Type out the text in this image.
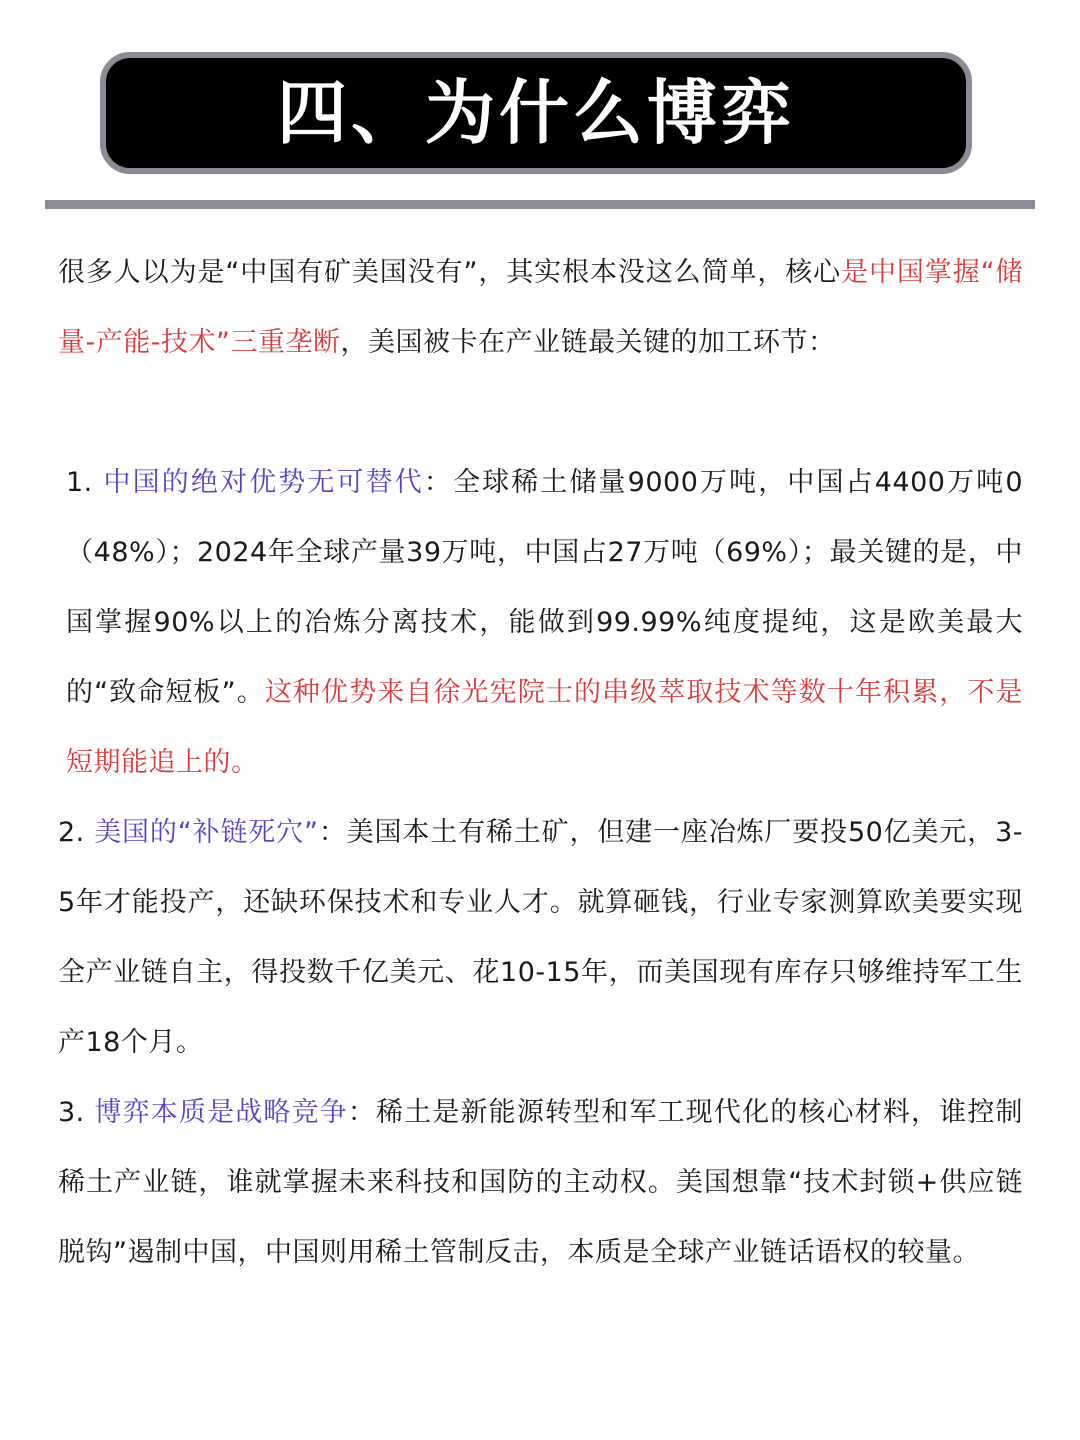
四、为什么博弈

很多人以为是“中国有矿美国没有”，其实根本没这么简单，核心是中国掌握“储量-产能-技术”三重垄断，美国被卡在产业链最关键的加工环节：

1. 中国的绝对优势无可替代：全球稀土储量9000万吨，中国占4400万吨0（48%）；2024年全球产量39万吨，中国占27万吨（69%）；最关键的是，中国掌握90%以上的冶炼分离技术，能做到99.99%纯度提纯，这是欧美最大的“致命短板”。这种优势来自徐光宪院士的串级萃取技术等数十年积累，不是短期能追上的。

2. 美国的“补链死穴”：美国本土有稀土矿，但建一座冶炼厂要投50亿美元，3-5年才能投产，还缺环保技术和专业人才。就算砸钱，行业专家测算欧美要实现全产业链自主，得投数千亿美元、花10-15年，而美国现有库存只够维持军工生产18个月。

3. 博弈本质是战略竞争：稀土是新能源转型和军工现代化的核心材料，谁控制稀土产业链，谁就掌握未来科技和国防的主动权。美国想靠“技术封锁+供应链脱钩”遏制中国，中国则用稀土管制反击，本质是全球产业链话语权的较量。
